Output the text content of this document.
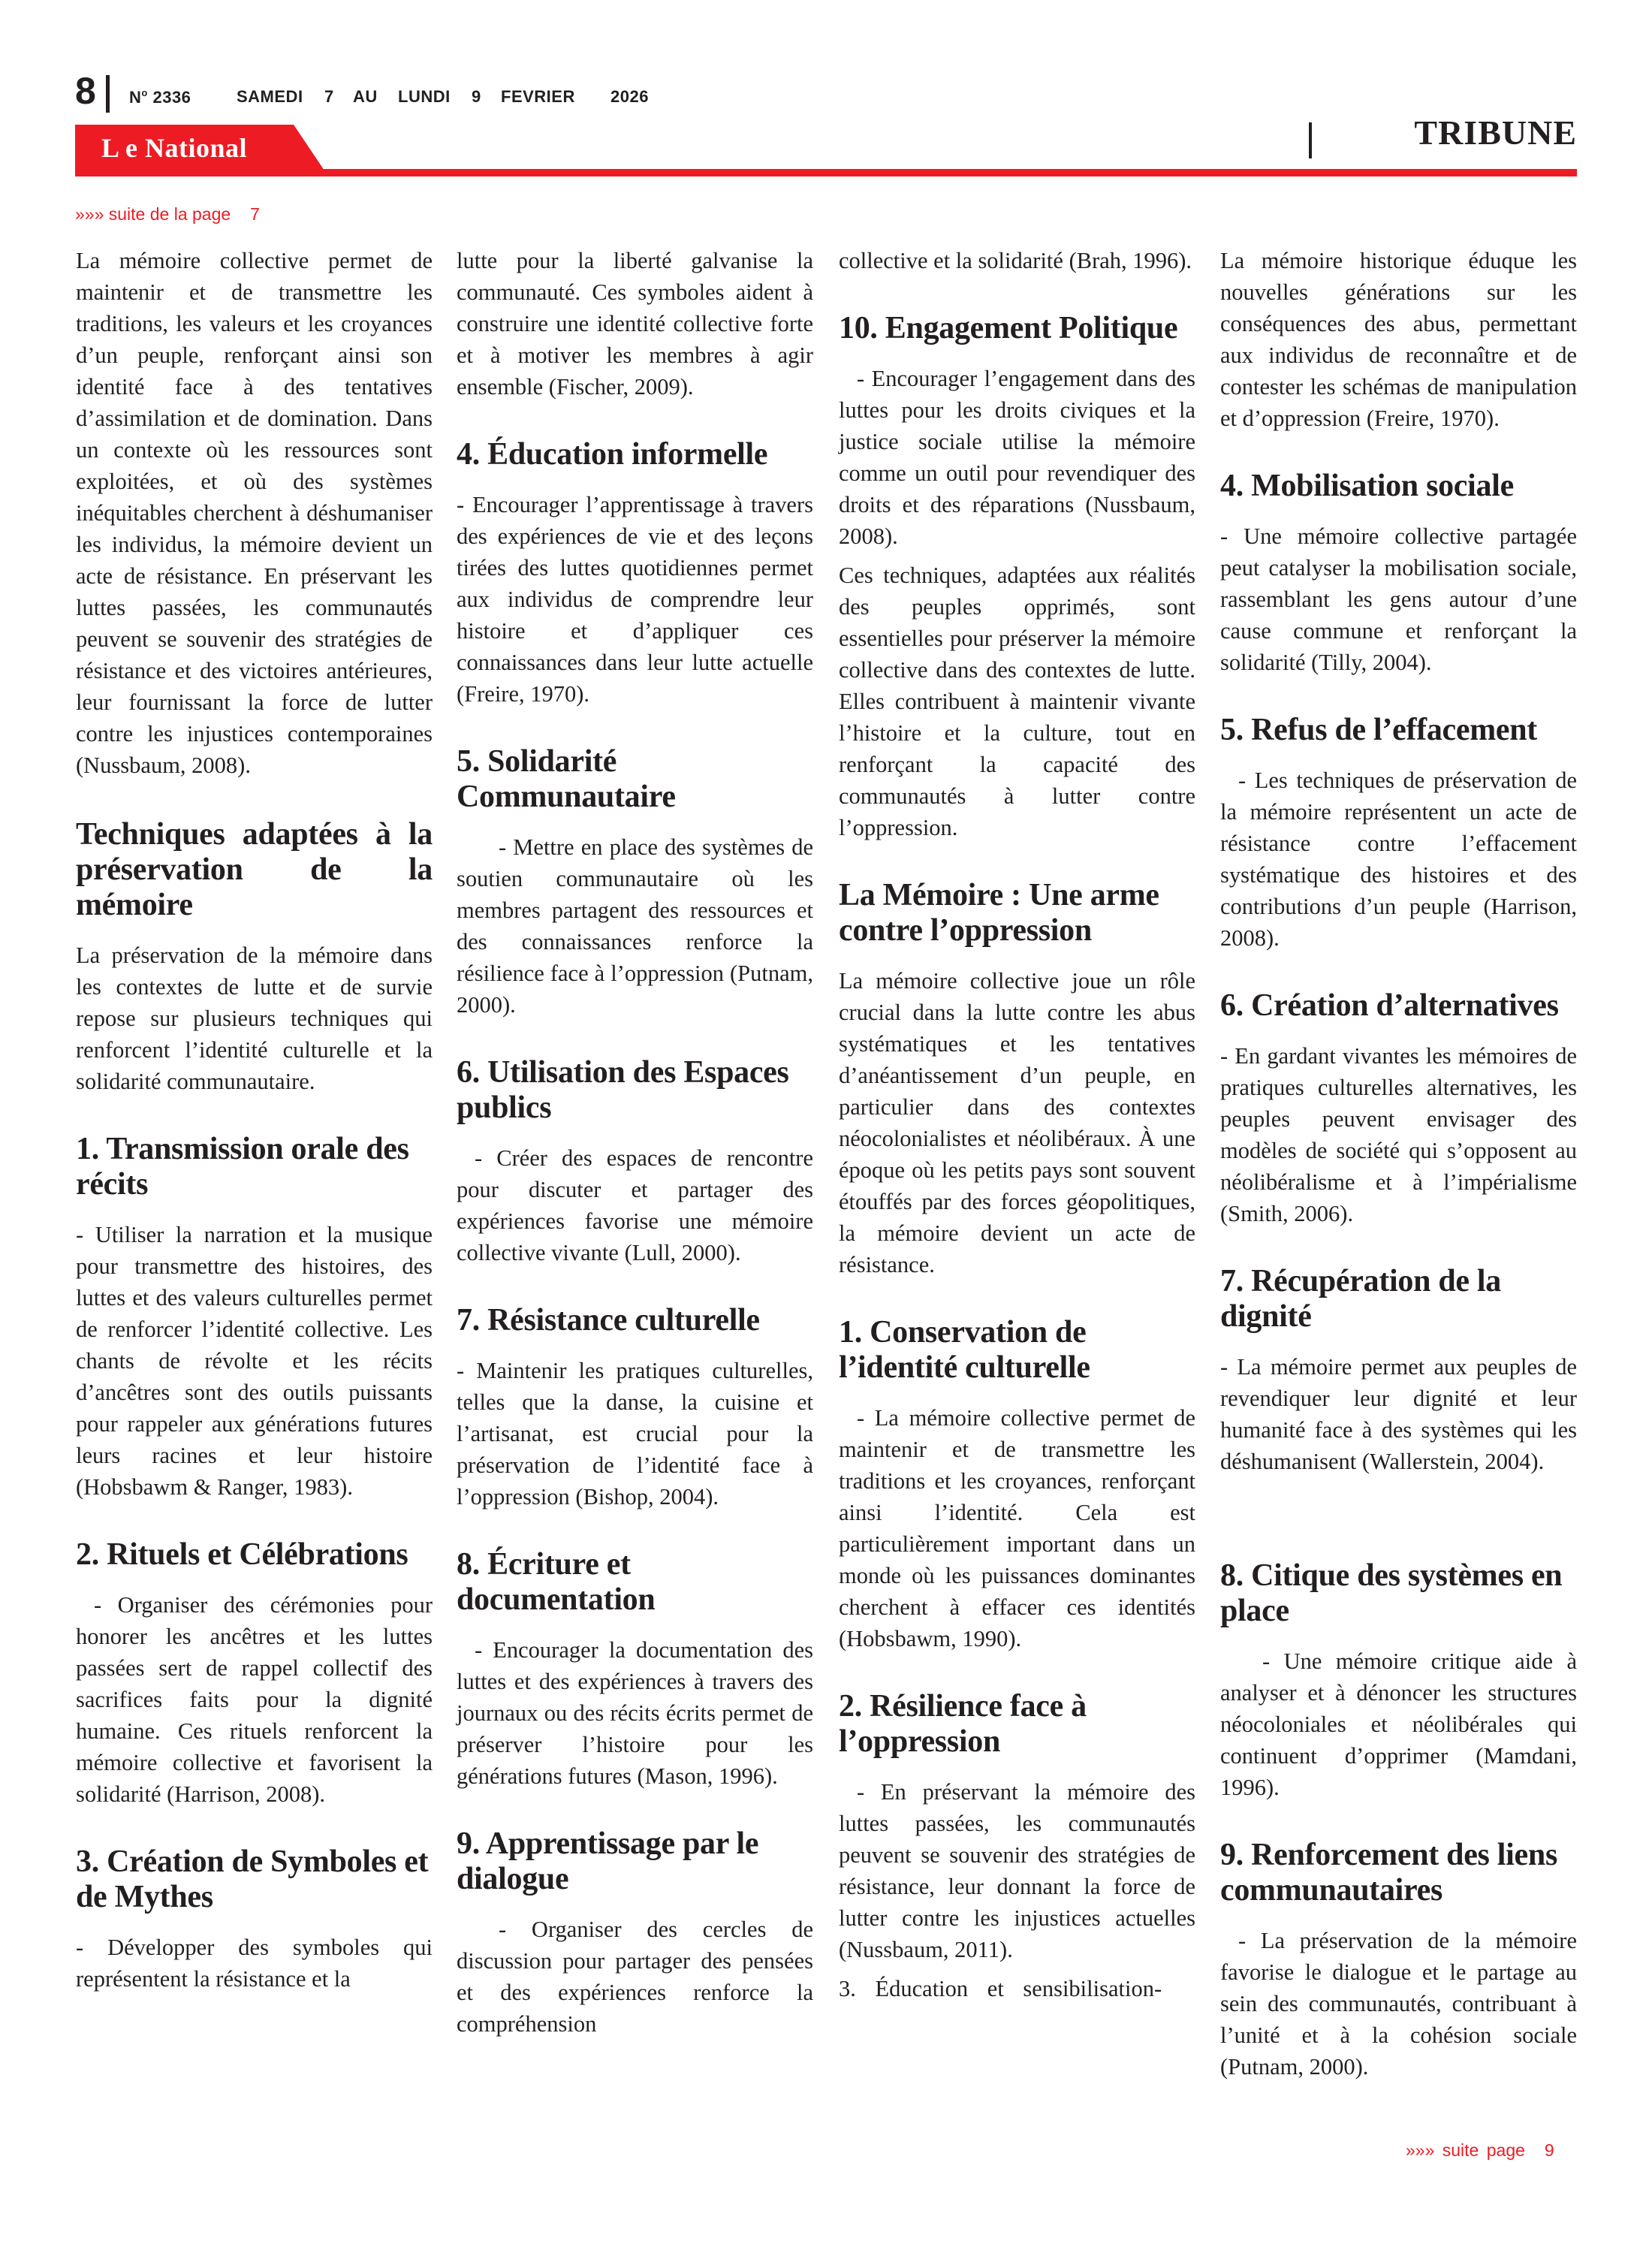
8 $N^o$ 2336	SAMEDI 7 AU LUNDI 9 FEVRIER 2026
L e National	TRIBUNE
»»» suite de la page 7

La mémoire collective permet de maintenir et de transmettre les traditions, les valeurs et les croyances d’un peuple, renforçant ainsi son identité face à des tentatives d’assimilation et de domination. Dans un contexte où les ressources sont exploitées, et où des systèmes inéquitables cherchent à déshumaniser les individus, la mémoire devient un acte de résistance. En préservant les luttes passées, les communautés peuvent se souvenir des stratégies de résistance et des victoires antérieures, leur fournissant la force de lutter contre les injustices contemporaines (Nussbaum, 2008).

Techniques adaptées à la préservation de la mémoire

La préservation de la mémoire dans les contextes de lutte et de survie repose sur plusieurs techniques qui renforcent l’identité culturelle et la solidarité communautaire.

1. Transmission orale des récits

- Utiliser la narration et la musique pour transmettre des histoires, des luttes et des valeurs culturelles permet de renforcer l’identité collective. Les chants de révolte et les récits d’ancêtres sont des outils puissants pour rappeler aux générations futures leurs racines et leur histoire (Hobsbawm & Ranger, 1983).

2. Rituels et Célébrations

- Organiser des cérémonies pour honorer les ancêtres et les luttes passées sert de rappel collectif des sacrifices faits pour la dignité humaine. Ces rituels renforcent la mémoire collective et favorisent la solidarité (Harrison, 2008).

3. Création de Symboles et de Mythes

- Développer des symboles qui représentent la résistance et la

lutte pour la liberté galvanise la communauté. Ces symboles aident à construire une identité collective forte et à motiver les membres à agir ensemble (Fischer, 2009).

4. Éducation informelle

- Encourager l’apprentissage à travers des expériences de vie et des leçons tirées des luttes quotidiennes permet aux individus de comprendre leur histoire et d’appliquer ces connaissances dans leur lutte actuelle (Freire, 1970).

5. Solidarité Communautaire

- Mettre en place des systèmes de soutien communautaire où les membres partagent des ressources et des connaissances renforce la résilience face à l’oppression (Putnam, 2000).

6. Utilisation des Espaces publics

- Créer des espaces de rencontre pour discuter et partager des expériences favorise une mémoire collective vivante (Lull, 2000).

7. Résistance culturelle

- Maintenir les pratiques culturelles, telles que la danse, la cuisine et l’artisanat, est crucial pour la préservation de l’identité face à l’oppression (Bishop, 2004).

8. Écriture et documentation

- Encourager la documentation des luttes et des expériences à travers des journaux ou des récits écrits permet de préserver l’histoire pour les générations futures (Mason, 1996).

9. Apprentissage par le dialogue

- Organiser des cercles de discussion pour partager des pensées et des expériences renforce la compréhension

collective et la solidarité (Brah, 1996).

10. Engagement Politique

- Encourager l’engagement dans des luttes pour les droits civiques et la justice sociale utilise la mémoire comme un outil pour revendiquer des droits et des réparations (Nussbaum, 2008).

Ces techniques, adaptées aux réalités des peuples opprimés, sont essentielles pour préserver la mémoire collective dans des contextes de lutte. Elles contribuent à maintenir vivante l’histoire et la culture, tout en renforçant la capacité des communautés à lutter contre l’oppression.

La Mémoire : Une arme contre l’oppression

La mémoire collective joue un rôle crucial dans la lutte contre les abus systématiques et les tentatives d’anéantissement d’un peuple, en particulier dans des contextes néocolonialistes et néolibéraux. À une époque où les petits pays sont souvent étouffés par des forces géopolitiques, la mémoire devient un acte de résistance.

1. Conservation de l’identité culturelle

- La mémoire collective permet de maintenir et de transmettre les traditions et les croyances, renforçant ainsi l’identité. Cela est particulièrement important dans un monde où les puissances dominantes cherchent à effacer ces identités (Hobsbawm, 1990).

2. Résilience face à l’oppression

- En préservant la mémoire des luttes passées, les communautés peuvent se souvenir des stratégies de résistance, leur donnant la force de lutter contre les injustices actuelles (Nussbaum, 2011).

3. Éducation et sensibilisation-

La mémoire historique éduque les nouvelles générations sur les conséquences des abus, permettant aux individus de reconnaître et de contester les schémas de manipulation et d’oppression (Freire, 1970).

4. Mobilisation sociale

- Une mémoire collective partagée peut catalyser la mobilisation sociale, rassemblant les gens autour d’une cause commune et renforçant la solidarité (Tilly, 2004).

5. Refus de l’effacement

- Les techniques de préservation de la mémoire représentent un acte de résistance contre l’effacement systématique des histoires et des contributions d’un peuple (Harrison, 2008).

6. Création d’alternatives

- En gardant vivantes les mémoires de pratiques culturelles alternatives, les peuples peuvent envisager des modèles de société qui s’opposent au néolibéralisme et à l’impérialisme (Smith, 2006).

7. Récupération de la dignité

- La mémoire permet aux peuples de revendiquer leur dignité et leur humanité face à des systèmes qui les déshumanisent (Wallerstein, 2004).

8. Citique des systèmes en place

- Une mémoire critique aide à analyser et à dénoncer les structures néocoloniales et néolibérales qui continuent d’opprimer (Mamdani, 1996).

9. Renforcement des liens communautaires

- La préservation de la mémoire favorise le dialogue et le partage au sein des communautés, contribuant à l’unité et à la cohésion sociale (Putnam, 2000).

»»» suite page 9
